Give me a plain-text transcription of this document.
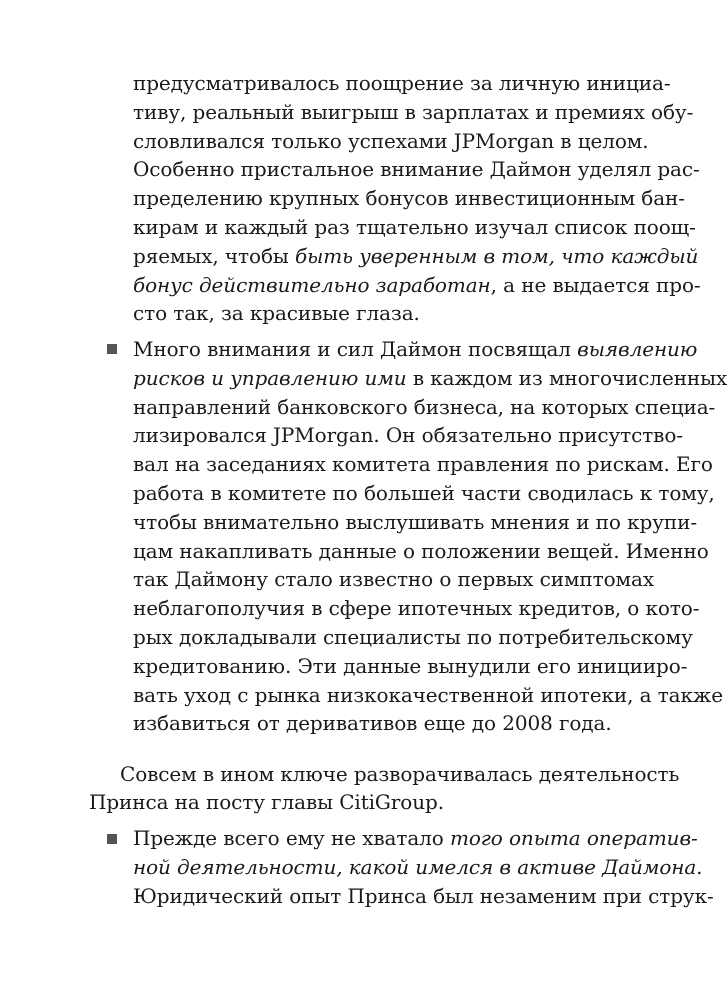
предусматривалось поощрение за личную инициа-
тиву, реальный выигрыш в зарплатах и премиях обу-
словливался только успехами JPMorgan в целом.
Особенно пристальное внимание Даймон уделял рас-
пределению крупных бонусов инвестиционным бан-
кирам и каждый раз тщательно изучал список поощ-
ряемых, чтобы быть уверенным в том, что каждый
бонус действительно заработан, а не выдается про-
сто так, за красивые глаза.
Много внимания и сил Даймон посвящал выявлению
рисков и управлению ими в каждом из многочисленных
направлений банковского бизнеса, на которых специа-
лизировался JPMorgan. Он обязательно присутство-
вал на заседаниях комитета правления по рискам. Его
работа в комитете по большей части сводилась к тому,
чтобы внимательно выслушивать мнения и по крупи-
цам накапливать данные о положении вещей. Именно
так Даймону стало известно о первых симптомах
неблагополучия в сфере ипотечных кредитов, о кото-
рых докладывали специалисты по потребительскому
кредитованию. Эти данные вынудили его иницииро-
вать уход с рынка низкокачественной ипотеки, а также
избавиться от деривативов еще до 2008 года.
Совсем в ином ключе разворачивалась деятельность
Принса на посту главы CitiGroup.
Прежде всего ему не хватало того опыта оператив-
ной деятельности, какой имелся в активе Даймона.
Юридический опыт Принса был незаменим при струк-
